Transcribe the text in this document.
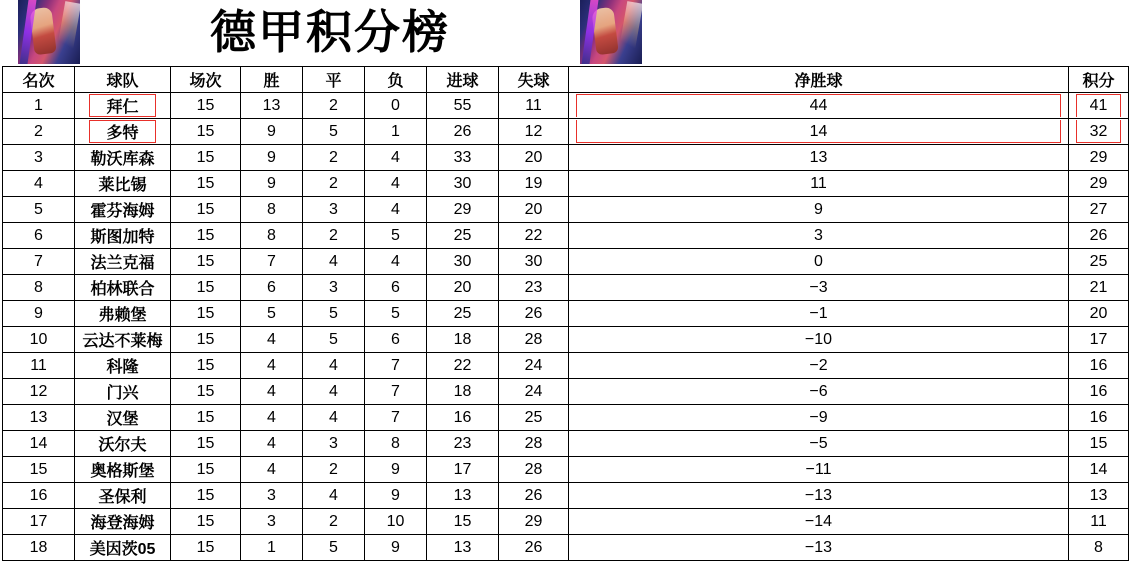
德甲积分榜
名次	球队	场次	胜	平	负	进球	失球	净胜球	积分
1	拜仁	15	13	2	0	55	11	44	41

2	多特	15	9	5	1	26	12	14	32

3	勒沃库森	15	9	2	4	33	20	13	29
4	莱比锡	15	9	2	4	30	19	11	29
5	霍芬海姆	15	8	3	4	29	20	9	27
6	斯图加特	15	8	2	5	25	22	3	26
7	法兰克福	15	7	4	4	30	30	0	25
8	柏林联合	15	6	3	6	20	23	−3	21
9	弗赖堡	15	5	5	5	25	26	−1	20
10	云达不莱梅	15	4	5	6	18	28	−10	17
11	科隆	15	4	4	7	22	24	−2	16
12	门兴	15	4	4	7	18	24	−6	16
13	汉堡	15	4	4	7	16	25	−9	16
14	沃尔夫	15	4	3	8	23	28	−5	15
15	奥格斯堡	15	4	2	9	17	28	−11	14
16	圣保利	15	3	4	9	13	26	−13	13
17	海登海姆	15	3	2	10	15	29	−14	11
18	美因茨05	15	1	5	9	13	26	−13	8
